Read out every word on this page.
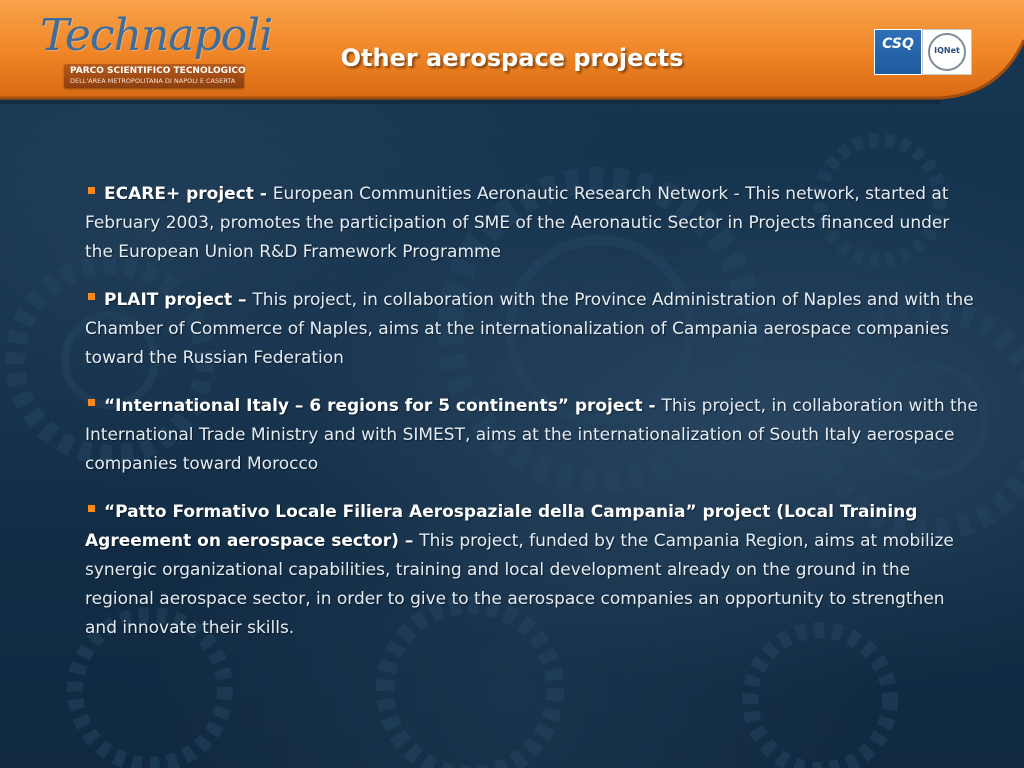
Technapoli
PARCO SCIENTIFICO TECNOLOGICO
DELL'AREA METROPOLITANA DI NAPOLI E CASERTA
Other aerospace projects	CSQ	IQNet
ECARE+ project - European Communities Aeronautic Research Network - This network, started at February 2003, promotes the participation of SME of the Aeronautic Sector in Projects financed under the European Union R&D Framework Programme
PLAIT project – This project, in collaboration with the Province Administration of Naples and with the Chamber of Commerce of Naples, aims at the internationalization of Campania aerospace companies toward the Russian Federation
“International Italy – 6 regions for 5 continents” project - This project, in collaboration with the International Trade Ministry and with SIMEST, aims at the internationalization of South Italy aerospace companies toward Morocco
“Patto Formativo Locale Filiera Aerospaziale della Campania” project (Local Training Agreement on aerospace sector) – This project, funded by the Campania Region, aims at mobilize synergic organizational capabilities, training and local development already on the ground in the regional aerospace sector, in order to give to the aerospace companies an opportunity to strengthen and innovate their skills.
